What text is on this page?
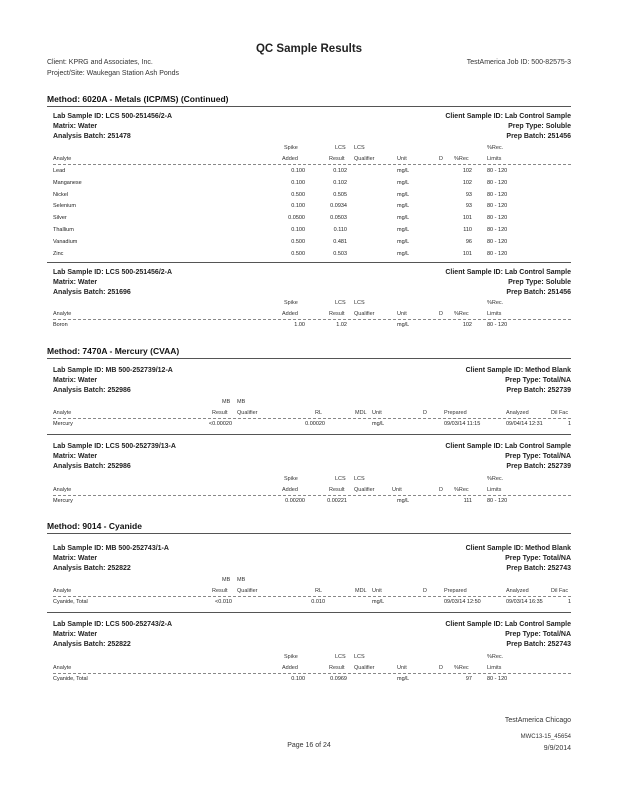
QC Sample Results
Client: KPRG and Associates, Inc.
Project/Site: Waukegan Station Ash Ponds
TestAmerica Job ID: 500-82575-3
Method: 6020A - Metals (ICP/MS) (Continued)
Lab Sample ID: LCS 500-251456/2-A
Matrix: Water
Analysis Batch: 251478
Client Sample ID: Lab Control Sample
Prep Type: Soluble
Prep Batch: 251456
Spike	LCS LCS	%Rec.
Analyte	Added	Result Qualifier	Unit	D %Rec	Limits
Lead	0.100	0.102	mg/L	102	80 - 120
Manganese	0.100	0.102	mg/L	102	80 - 120
Nickel	0.500	0.505	mg/L	93	80 - 120
Selenium	0.100	0.0934	mg/L	93	80 - 120
Silver	0.0500	0.0503	mg/L	101	80 - 120
Thallium	0.100	0.110	mg/L	110	80 - 120
Vanadium	0.500	0.481	mg/L	96	80 - 120
Zinc	0.500	0.503	mg/L	101	80 - 120
Lab Sample ID: LCS 500-251456/2-A
Matrix: Water
Analysis Batch: 251696
Client Sample ID: Lab Control Sample
Prep Type: Soluble
Prep Batch: 251456
Spike	LCS LCS	%Rec.
Analyte	Added	Result Qualifier	Unit	D %Rec	Limits
Boron	1.00	1.02	mg/L	102	80 - 120
Method: 7470A - Mercury (CVAA)
Lab Sample ID: MB 500-252739/12-A
Matrix: Water
Analysis Batch: 252986
Client Sample ID: Method Blank
Prep Type: Total/NA
Prep Batch: 252739
MB MB
Analyte	Result Qualifier	RL	MDL Unit	D	Prepared	Analyzed	Dil Fac
Mercury	<0.00020	0.00020	mg/L	09/03/14 11:15	09/04/14 12:31	1
Lab Sample ID: LCS 500-252739/13-A
Matrix: Water
Analysis Batch: 252986
Client Sample ID: Lab Control Sample
Prep Type: Total/NA
Prep Batch: 252739
Spike	LCS LCS	%Rec.
Analyte	Added	Result Qualifier	Unit	D %Rec	Limits
Mercury	0.00200	0.00221	mg/L	111	80 - 120
Method: 9014 - Cyanide
Lab Sample ID: MB 500-252743/1-A
Matrix: Water
Analysis Batch: 252822
Client Sample ID: Method Blank
Prep Type: Total/NA
Prep Batch: 252743
MB MB
Analyte	Result Qualifier	RL	MDL Unit	D	Prepared	Analyzed	Dil Fac
Cyanide, Total	<0.010	0.010	mg/L	09/03/14 12:50	09/03/14 16:35	1
Lab Sample ID: LCS 500-252743/2-A
Matrix: Water
Analysis Batch: 252822
Client Sample ID: Lab Control Sample
Prep Type: Total/NA
Prep Batch: 252743
Spike	LCS LCS	%Rec.
Analyte	Added	Result Qualifier	Unit	D %Rec	Limits
Cyanide, Total	0.100	0.0969	mg/L	97	80 - 120
TestAmerica Chicago
Page 16 of 24
MWC13-15_45654
9/9/2014
